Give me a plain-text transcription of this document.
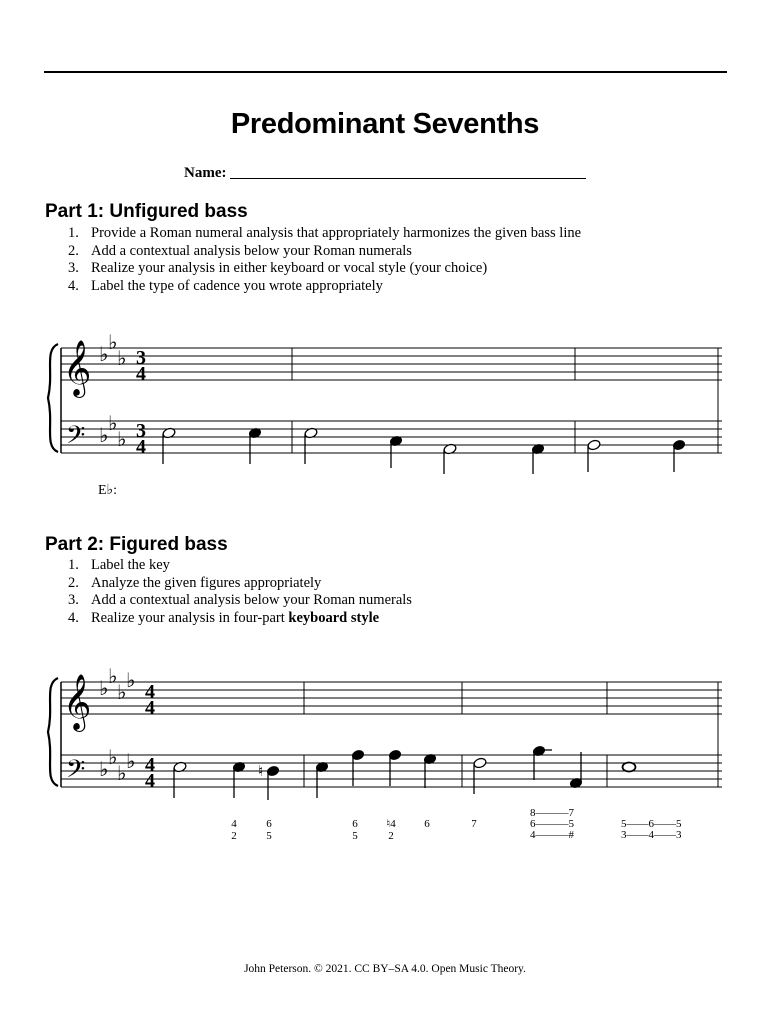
Predominant Sevenths
Name:
Part 1: Unfigured bass
1. Provide a Roman numeral analysis that appropriately harmonizes the given bass line
2. Add a contextual analysis below your Roman numerals
3. Realize your analysis in either keyboard or vocal style (your choice)
4. Label the type of cadence you wrote appropriately
𝄞
𝄢
♭ ♭
♭
♭ ♭
♭
3
4
3
4
E♭:
Part 2: Figured bass
1. Label the key
2. Analyze the given figures appropriately
3. Add a contextual analysis below your Roman numerals
4. Realize your analysis in four-part keyboard style
𝄞
𝄢
♭ ♭
♭ ♭
♭ ♭
♭ ♭
4
4
4
4	♮
4
2
6
5
6
5
♮4
2
6	7
8———7
6———5
4———#
5——6——5
3——4——3
John Peterson. © 2021. CC BY–SA 4.0. Open Music Theory.
